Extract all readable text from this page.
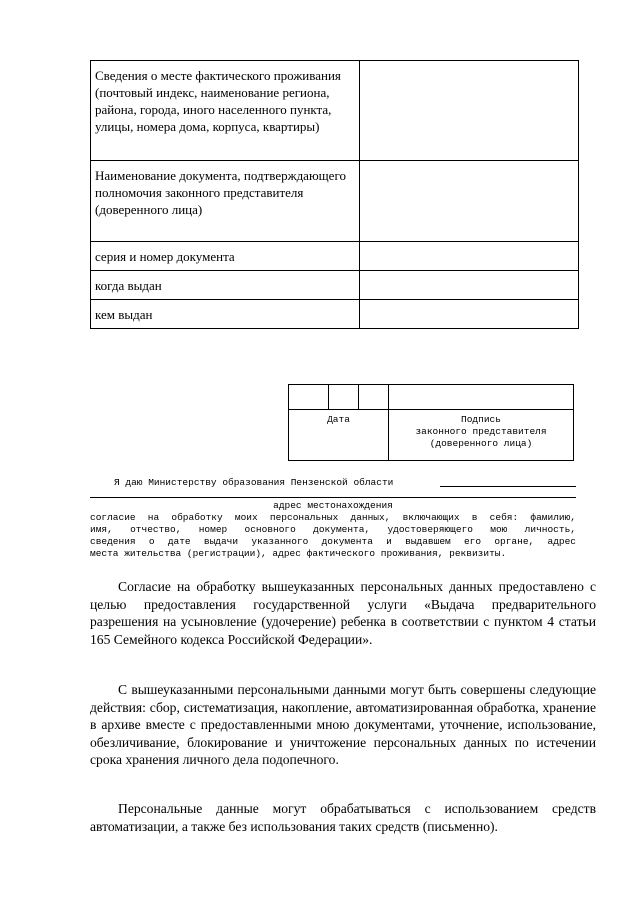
Сведения о месте фактического проживания (почтовый индекс, наименование региона, района, города, иного населенного пункта, улицы, номера дома, корпуса, квартиры)	
Наименование документа, подтверждающего полномочия законного представителя (доверенного лица)	
серия и номер документа	
когда выдан	
кем выдан	

Дата			Подпись
законного представителя
(доверенного лица)
Я даю Министерству образования Пензенской области
адрес местонахождения

согласие на обработку моих персональных данных, включающих в себя: фамилию,

имя, отчество, номер основного документа, удостоверяющего мою личность,

сведения о дате выдачи указанного документа и выдавшем его органе, адрес

места жительства (регистрации), адрес фактического проживания, реквизиты.

Согласие на обработку вышеуказанных персональных данных предоставлено с целью предоставления государственной услуги «Выдача предварительного разрешения на усыновление (удочерение) ребенка в соответствии с пунктом 4 статьи 165 Семейного кодекса Российской Федерации».

С вышеуказанными персональными данными могут быть совершены следующие действия: сбор, систематизация, накопление, автоматизированная обработка, хранение в архиве вместе с предоставленными мною документами, уточнение, использование, обезличивание, блокирование и уничтожение персональных данных по истечении срока хранения личного дела подопечного.

Персональные данные могут обрабатываться с использованием средств автоматизации, а также без использования таких средств (письменно).
